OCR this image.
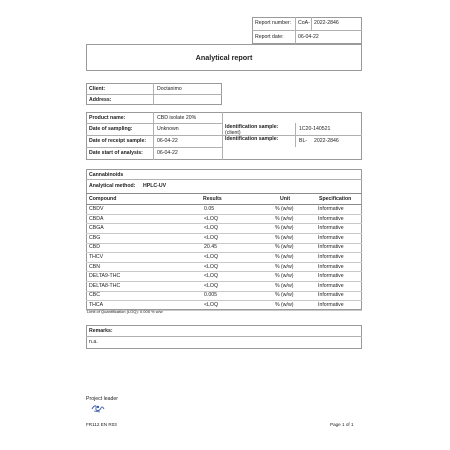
Report number: CoA- 2022-2846
Report date:	06-04-22
Analytical report
Client:	Doctanimo
Address:
Product name:	CBD isolate 20%
Date of sampling:	Unknown	Identification sample:
(client)
1C20-140521
Date of receipt sample: 06-04-22	Identification sample:	BL- 2022-2846
Date start of analysis:	06-04-22
Cannabinoids
Analytical method: HPLC-UV
Compound	Results	Unit	Specification
CBDV	0.05	% (w/w)	Informative
CBDA	<LOQ	% (w/w)	Informative
CBGA	<LOQ	% (w/w)	Informative
CBG	<LOQ	% (w/w)	Informative
CBD	20.45	% (w/w)	Informative
THCV	<LOQ	% (w/w)	Informative
CBN	<LOQ	% (w/w)	Informative
DELTA9-THC	<LOQ	% (w/w)	Informative
DELTA8-THC	<LOQ	% (w/w)	Informative
CBC	0.005	% (w/w)	Informative
THCA	<LOQ	% (w/w)	Informative
Limit of Quantification (LOQ): 0.005 % w/w
Remarks:
n.a.
Project leader
FR112 EN R03	Page 1 of 1
